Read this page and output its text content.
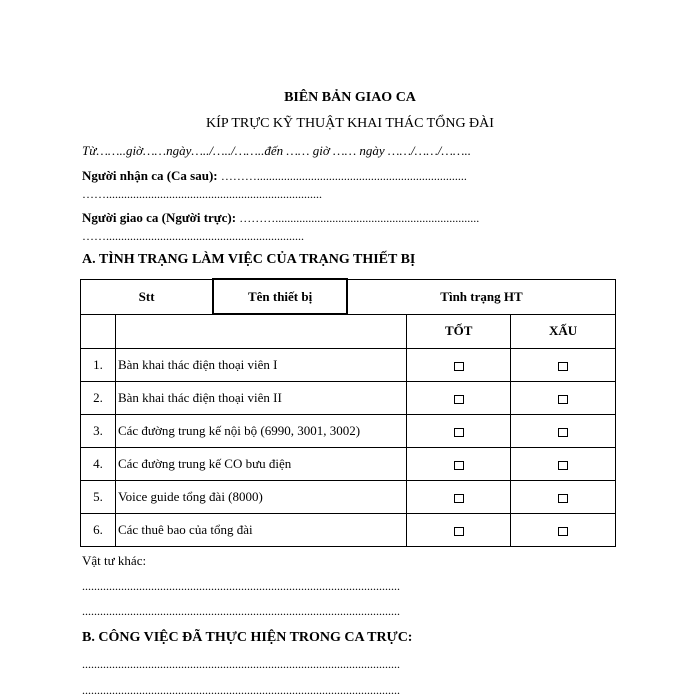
BIÊN BẢN GIAO CA
KÍP TRỰC KỸ THUẬT KHAI THÁC TỔNG ĐÀI
Từ……..giờ……ngày…../…../……..đến …… giờ …… ngày ……/……/……..
Người nhận ca (Ca sau): ………......................................................................
……........................................................................
Người giao ca (Người trực): ………....................................................................
……..................................................................
A. TÌNH TRẠNG LÀM VIỆC CỦA TRẠNG THIẾT BỊ
Stt		Tên thiết bị	Tình trạng HT		
				TỐT	XẤU
1.	Bàn khai thác điện thoại viên I				
2.	Bàn khai thác điện thoại viên II				
3.	Các đường trung kế nội bộ (6990, 3001, 3002)				
4.	Các đường trung kế CO bưu điện				
5.	Voice guide tổng đài (8000)				
6.	Các thuê bao của tổng đài				
Vật tư khác:
..........................................................................................................
..........................................................................................................
B. CÔNG VIỆC ĐÃ THỰC HIỆN TRONG CA TRỰC:
..........................................................................................................
..........................................................................................................
